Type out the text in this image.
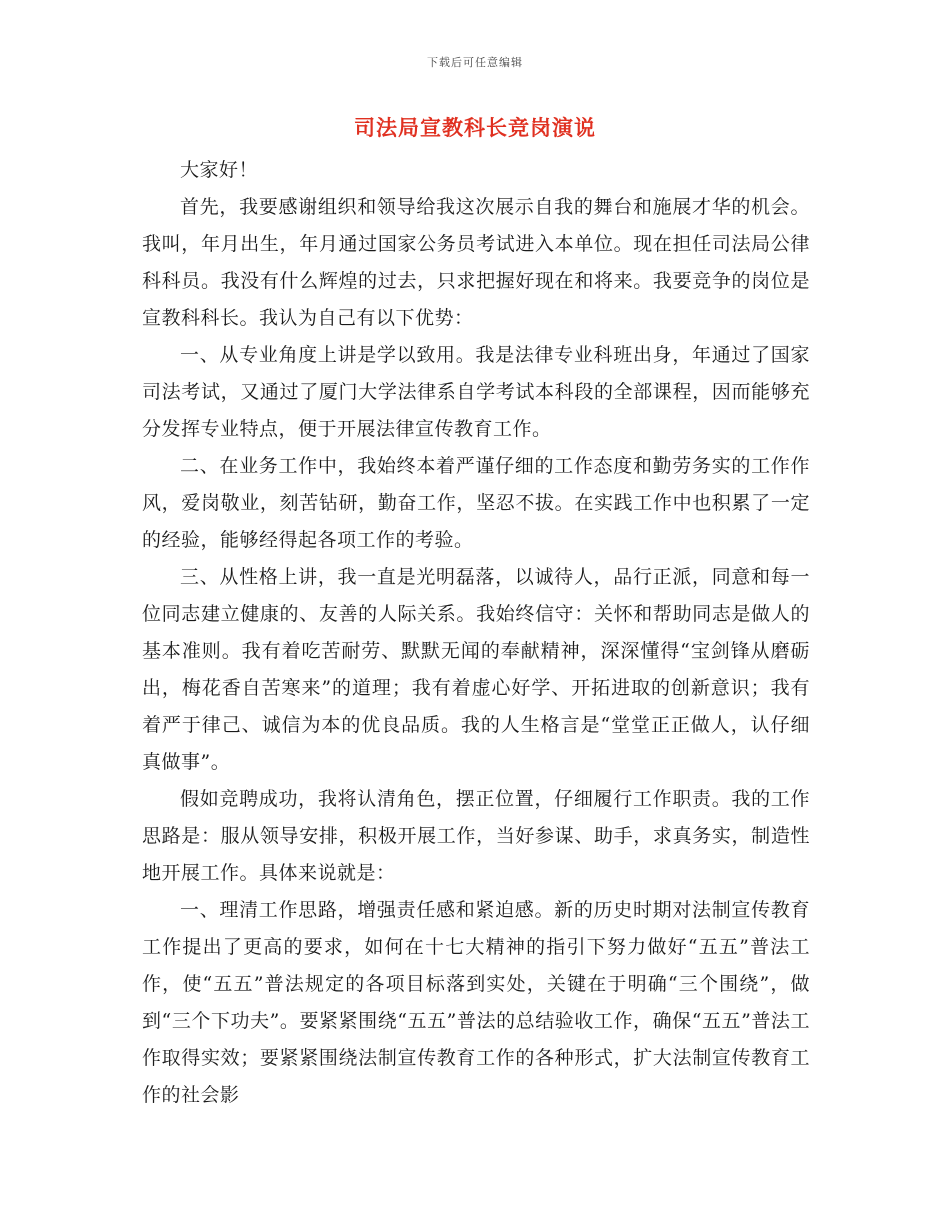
下载后可任意编辑
司法局宣教科长竞岗演说

大家好！

首先，我要感谢组织和领导给我这次展示自我的舞台和施展才华的机会。我叫，年月出生，年月通过国家公务员考试进入本单位。现在担任司法局公律科科员。我没有什么辉煌的过去，只求把握好现在和将来。我要竞争的岗位是宣教科科长。我认为自己有以下优势：

一、从专业角度上讲是学以致用。我是法律专业科班出身，年通过了国家司法考试，又通过了厦门大学法律系自学考试本科段的全部课程，因而能够充分发挥专业特点，便于开展法律宣传教育工作。

二、在业务工作中，我始终本着严谨仔细的工作态度和勤劳务实的工作作风，爱岗敬业，刻苦钻研，勤奋工作，坚忍不拔。在实践工作中也积累了一定的经验，能够经得起各项工作的考验。

三、从性格上讲，我一直是光明磊落，以诚待人，品行正派，同意和每一位同志建立健康的、友善的人际关系。我始终信守：关怀和帮助同志是做人的基本准则。我有着吃苦耐劳、默默无闻的奉献精神，深深懂得“宝剑锋从磨砺出，梅花香自苦寒来”的道理；我有着虚心好学、开拓进取的创新意识；我有着严于律己、诚信为本的优良品质。我的人生格言是“堂堂正正做人，认仔细真做事”。

假如竞聘成功，我将认清角色，摆正位置，仔细履行工作职责。我的工作思路是：服从领导安排，积极开展工作，当好参谋、助手，求真务实，制造性地开展工作。具体来说就是：

一、理清工作思路，增强责任感和紧迫感。新的历史时期对法制宣传教育工作提出了更高的要求，如何在十七大精神的指引下努力做好“五五”普法工作，使“五五”普法规定的各项目标落到实处，关键在于明确“三个围绕”，做到“三个下功夫”。要紧紧围绕“五五”普法的总结验收工作，确保“五五”普法工作取得实效；要紧紧围绕法制宣传教育工作的各种形式，扩大法制宣传教育工作的社会影
